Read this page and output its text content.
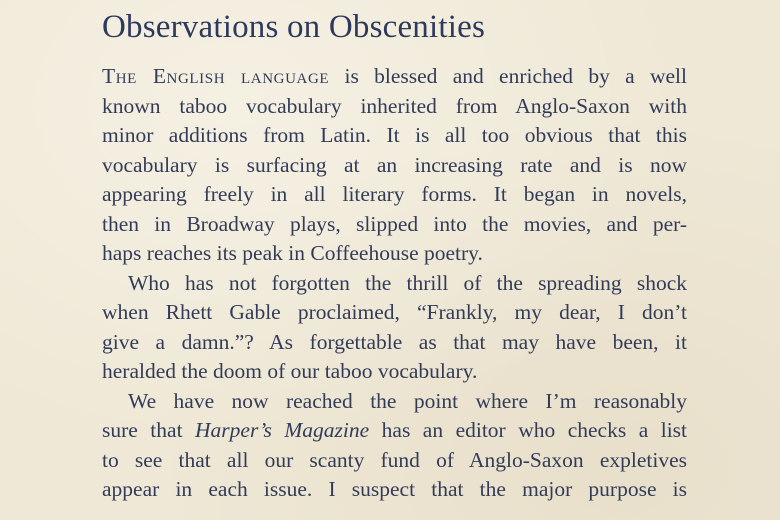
Observations on Obscenities
The English language is blessed and enriched by a well
known taboo vocabulary inherited from Anglo-Saxon with
minor additions from Latin. It is all too obvious that this
vocabulary is surfacing at an increasing rate and is now
appearing freely in all literary forms. It began in novels,
then in Broadway plays, slipped into the movies, and per-
haps reaches its peak in Coffeehouse poetry.
Who has not forgotten the thrill of the spreading shock
when Rhett Gable proclaimed, “Frankly, my dear, I don’t
give a damn.”? As forgettable as that may have been, it
heralded the doom of our taboo vocabulary.
We have now reached the point where I’m reasonably
sure that Harper’s Magazine has an editor who checks a list
to see that all our scanty fund of Anglo-Saxon expletives
appear in each issue. I suspect that the major purpose is
